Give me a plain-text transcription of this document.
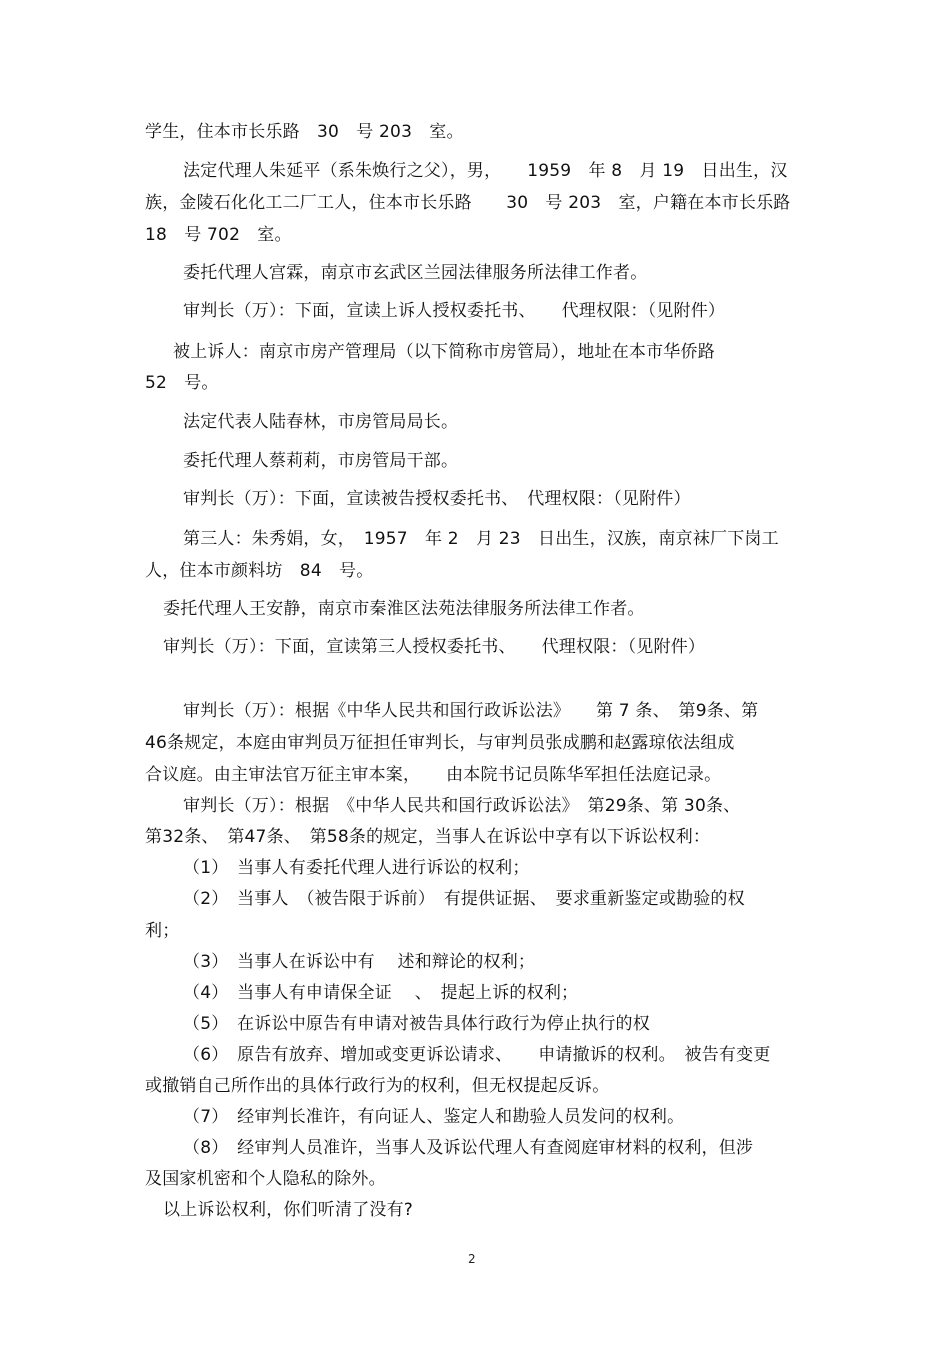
学生，住本市长乐路　30　号 203　室。
法定代理人朱延平（系朱焕行之父），男，　　1959　年 8　月 19　日出生，汉
族，金陵石化化工二厂工人，住本市长乐路　　30　号 203　室，户籍在本市长乐路
18　号 702　室。
委托代理人宫霖，南京市玄武区兰园法律服务所法律工作者。
审判长（万）：下面，宣读上诉人授权委托书、　　代理权限：（见附件）
被上诉人：南京市房产管理局（以下简称市房管局），地址在本市华侨路
52　号。
法定代表人陆春林，市房管局局长。
委托代理人蔡莉莉，市房管局干部。
审判长（万）：下面，宣读被告授权委托书、　代理权限：（见附件）
第三人：朱秀娟，女，　1957　年 2　月 23　日出生，汉族，南京袜厂下岗工
人，住本市颜料坊　84　号。
委托代理人王安静，南京市秦淮区法苑法律服务所法律工作者。
审判长（万）：下面，宣读第三人授权委托书、　　代理权限：（见附件）
审判长（万）：根据《中华人民共和国行政诉讼法》　　第 7 条、　第9条、第
46条规定，本庭由审判员万征担任审判长，与审判员张成鹏和赵露琼依法组成
合议庭。由主审法官万征主审本案，　　由本院书记员陈华军担任法庭记录。
审判长（万）：根据　《中华人民共和国行政诉讼法》　第29条、第 30条、
第32条、　第47条、　第58条的规定，当事人在诉讼中享有以下诉讼权利：
（1）　当事人有委托代理人进行诉讼的权利；
（2）　当事人　（被告限于诉前）　有提供证据、　要求重新鉴定或勘验的权
利；
（3）　当事人在诉讼中有　 述和辩论的权利；
（4）　当事人有申请保全证　 、　提起上诉的权利；
（5）　在诉讼中原告有申请对被告具体行政行为停止执行的权
（6）　原告有放弃、增加或变更诉讼请求、　　申请撤诉的权利。　被告有变更
或撤销自己所作出的具体行政行为的权利，但无权提起反诉。
（7）　经审判长准许，有向证人、鉴定人和勘验人员发问的权利。
（8）　经审判人员准许，当事人及诉讼代理人有查阅庭审材料的权利，但涉
及国家机密和个人隐私的除外。
以上诉讼权利，你们听清了没有?
2
